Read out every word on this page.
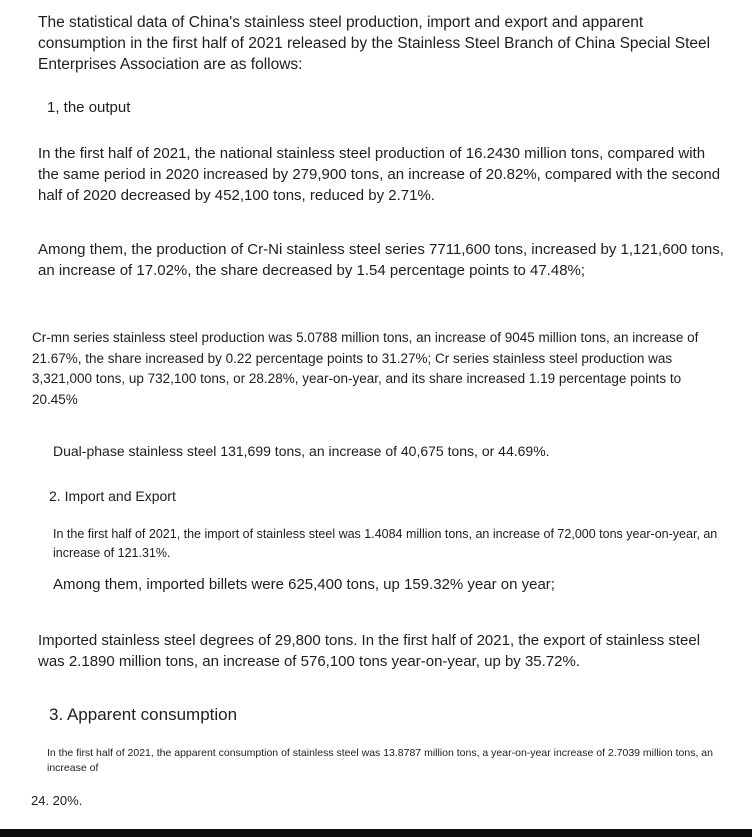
The statistical data of China's stainless steel production, import and export and apparent consumption in the first half of 2021 released by the Stainless Steel Branch of China Special Steel Enterprises Association are as follows:

1, the output

In the first half of 2021, the national stainless steel production of 16.2430 million tons, compared with the same period in 2020 increased by 279,900 tons, an increase of 20.82%, compared with the second half of 2020 decreased by 452,100 tons, reduced by 2.71%.

Among them, the production of Cr-Ni stainless steel series 7711,600 tons, increased by 1,121,600 tons, an increase of 17.02%, the share decreased by 1.54 percentage points to 47.48%;

Cr-mn series stainless steel production was 5.0788 million tons, an increase of 9045 million tons, an increase of 21.67%, the share increased by 0.22 percentage points to 31.27%; Cr series stainless steel production was 3,321,000 tons, up 732,100 tons, or 28.28%, year-on-year, and its share increased 1.19 percentage points to 20.45%

Dual-phase stainless steel 131,699 tons, an increase of 40,675 tons, or 44.69%.

2. Import and Export

In the first half of 2021, the import of stainless steel was 1.4084 million tons, an increase of 72,000 tons year-on-year, an increase of 121.31%.

Among them, imported billets were 625,400 tons, up 159.32% year on year;

Imported stainless steel degrees of 29,800 tons. In the first half of 2021, the export of stainless steel was 2.1890 million tons, an increase of 576,100 tons year-on-year, up by 35.72%.

3. Apparent consumption

In the first half of 2021, the apparent consumption of stainless steel was 13.8787 million tons, a year-on-year increase of 2.7039 million tons, an increase of

24. 20%.
